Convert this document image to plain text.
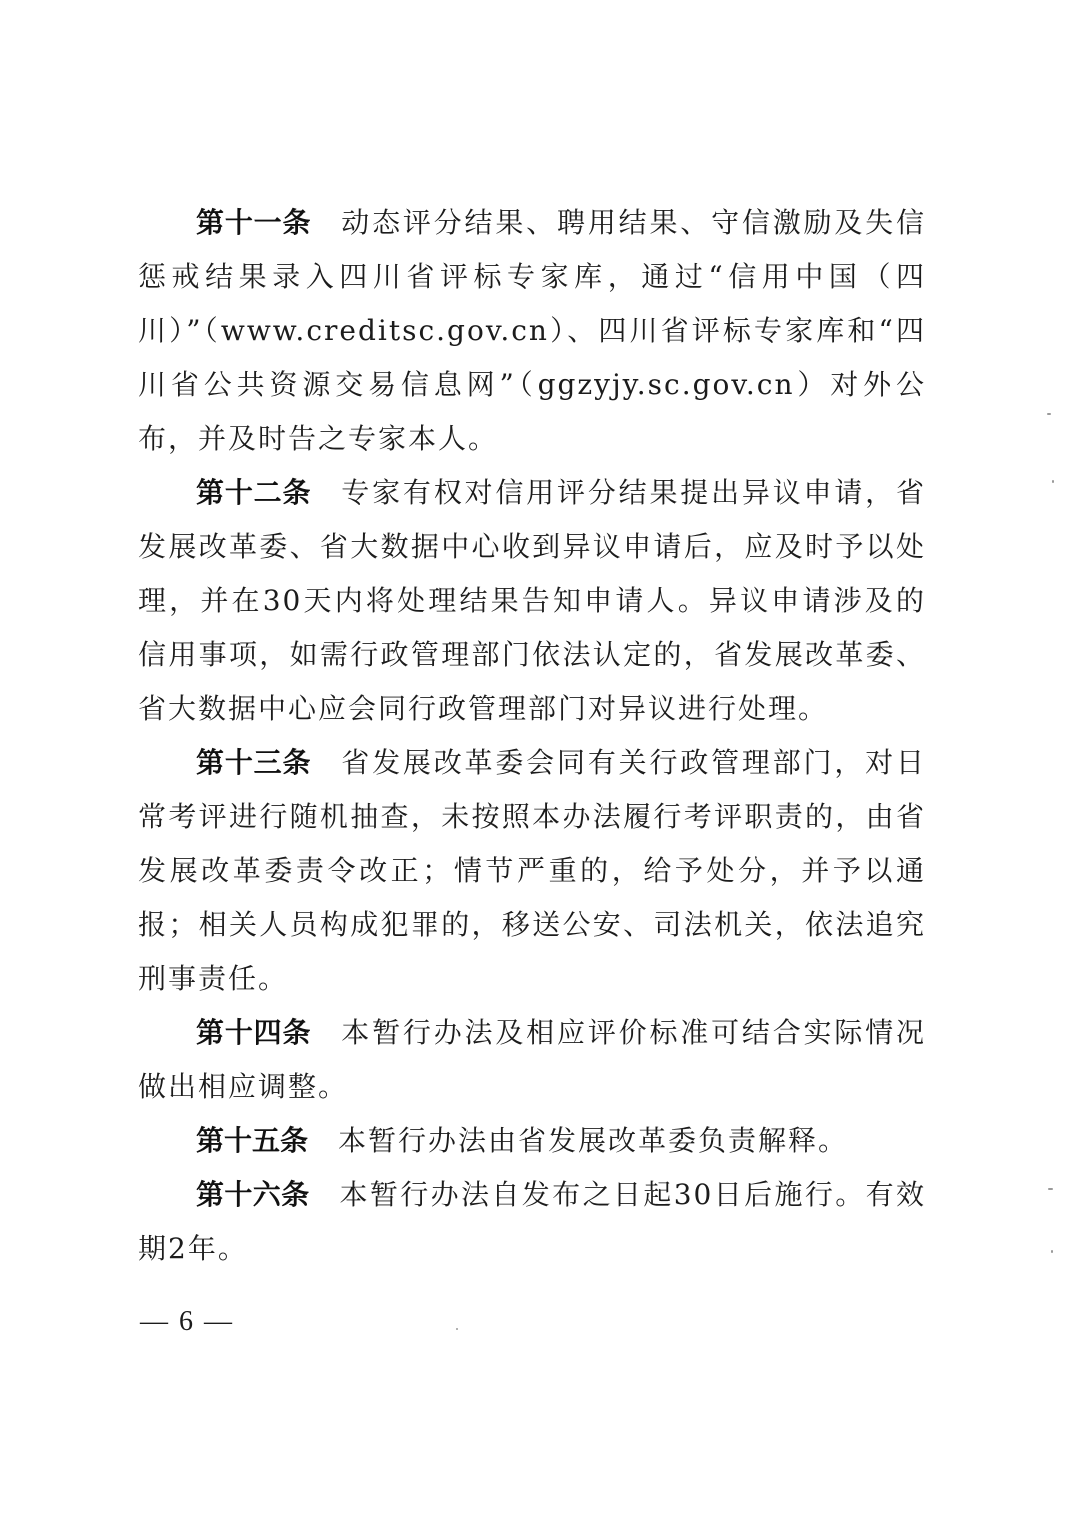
第十一条 动态评分结果、聘用结果、守信激励及失信惩戒结果录入四川省评标专家库，通过“信用中国（四川）”（www.creditsc.gov.cn）、四川省评标专家库和“四川省公共资源交易信息网”（ggzyjy.sc.gov.cn）对外公布，并及时告之专家本人。

第十二条 专家有权对信用评分结果提出异议申请，省发展改革委、省大数据中心收到异议申请后，应及时予以处理，并在30天内将处理结果告知申请人。异议申请涉及的信用事项，如需行政管理部门依法认定的，省发展改革委、省大数据中心应会同行政管理部门对异议进行处理。

第十三条 省发展改革委会同有关行政管理部门，对日常考评进行随机抽查，未按照本办法履行考评职责的，由省发展改革委责令改正；情节严重的，给予处分，并予以通报；相关人员构成犯罪的，移送公安、司法机关，依法追究刑事责任。

第十四条 本暂行办法及相应评价标准可结合实际情况做出相应调整。

第十五条 本暂行办法由省发展改革委负责解释。

第十六条 本暂行办法自发布之日起30日后施行。有效期2年。

— 6 —
